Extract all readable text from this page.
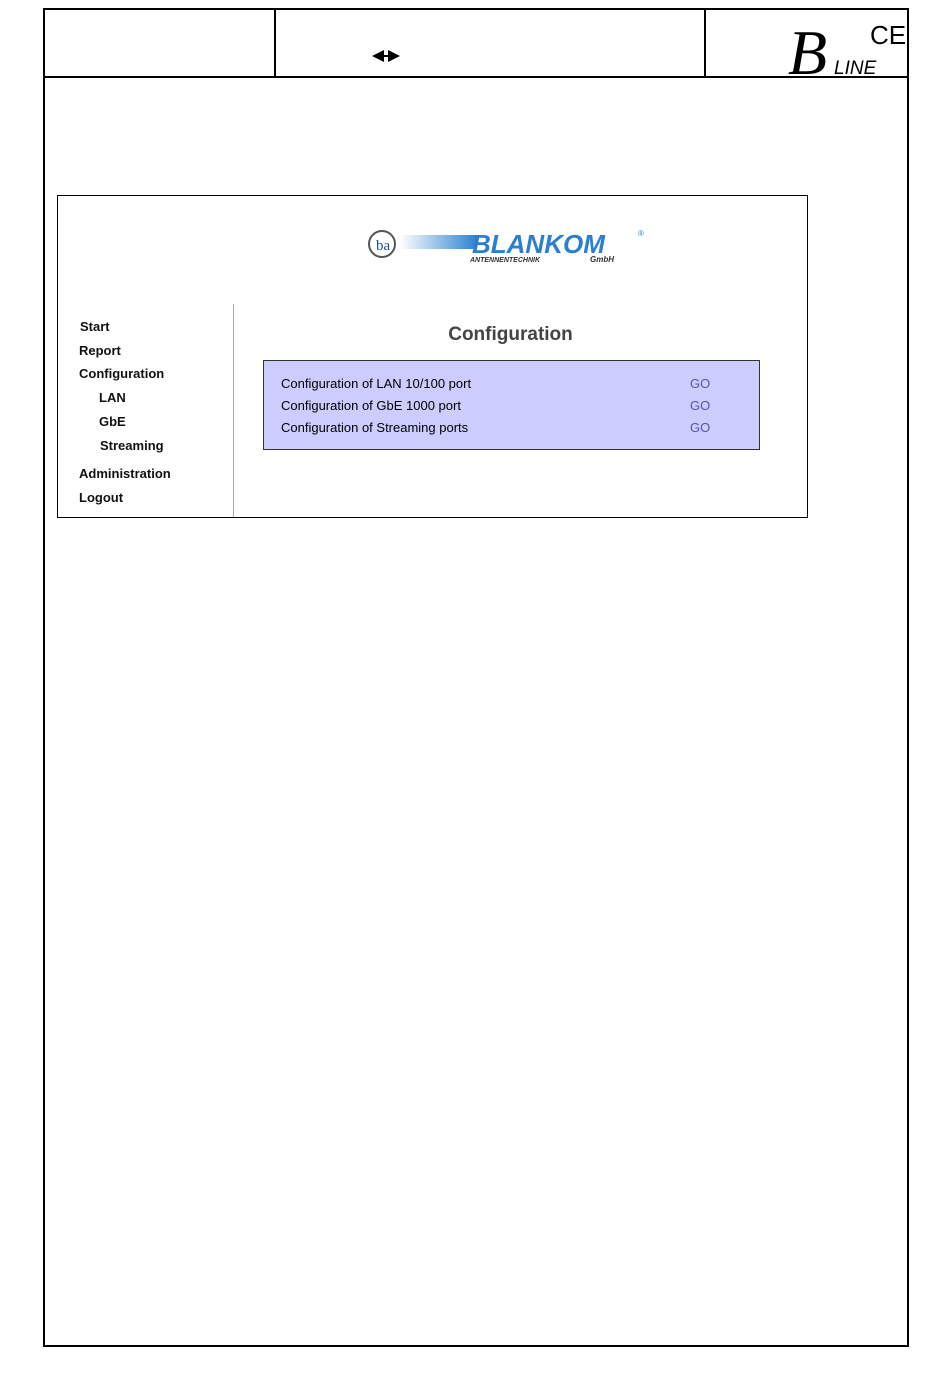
B LINE
CE
ba	BLANKOM
ANTENNENTECHNIK	GmbH
®
Start
Report
Configuration
LAN
GbE
Streaming
Administration
Logout
Configuration
Configuration of LAN 10/100 port	GO
Configuration of GbE 1000 port	GO
Configuration of Streaming ports	GO
